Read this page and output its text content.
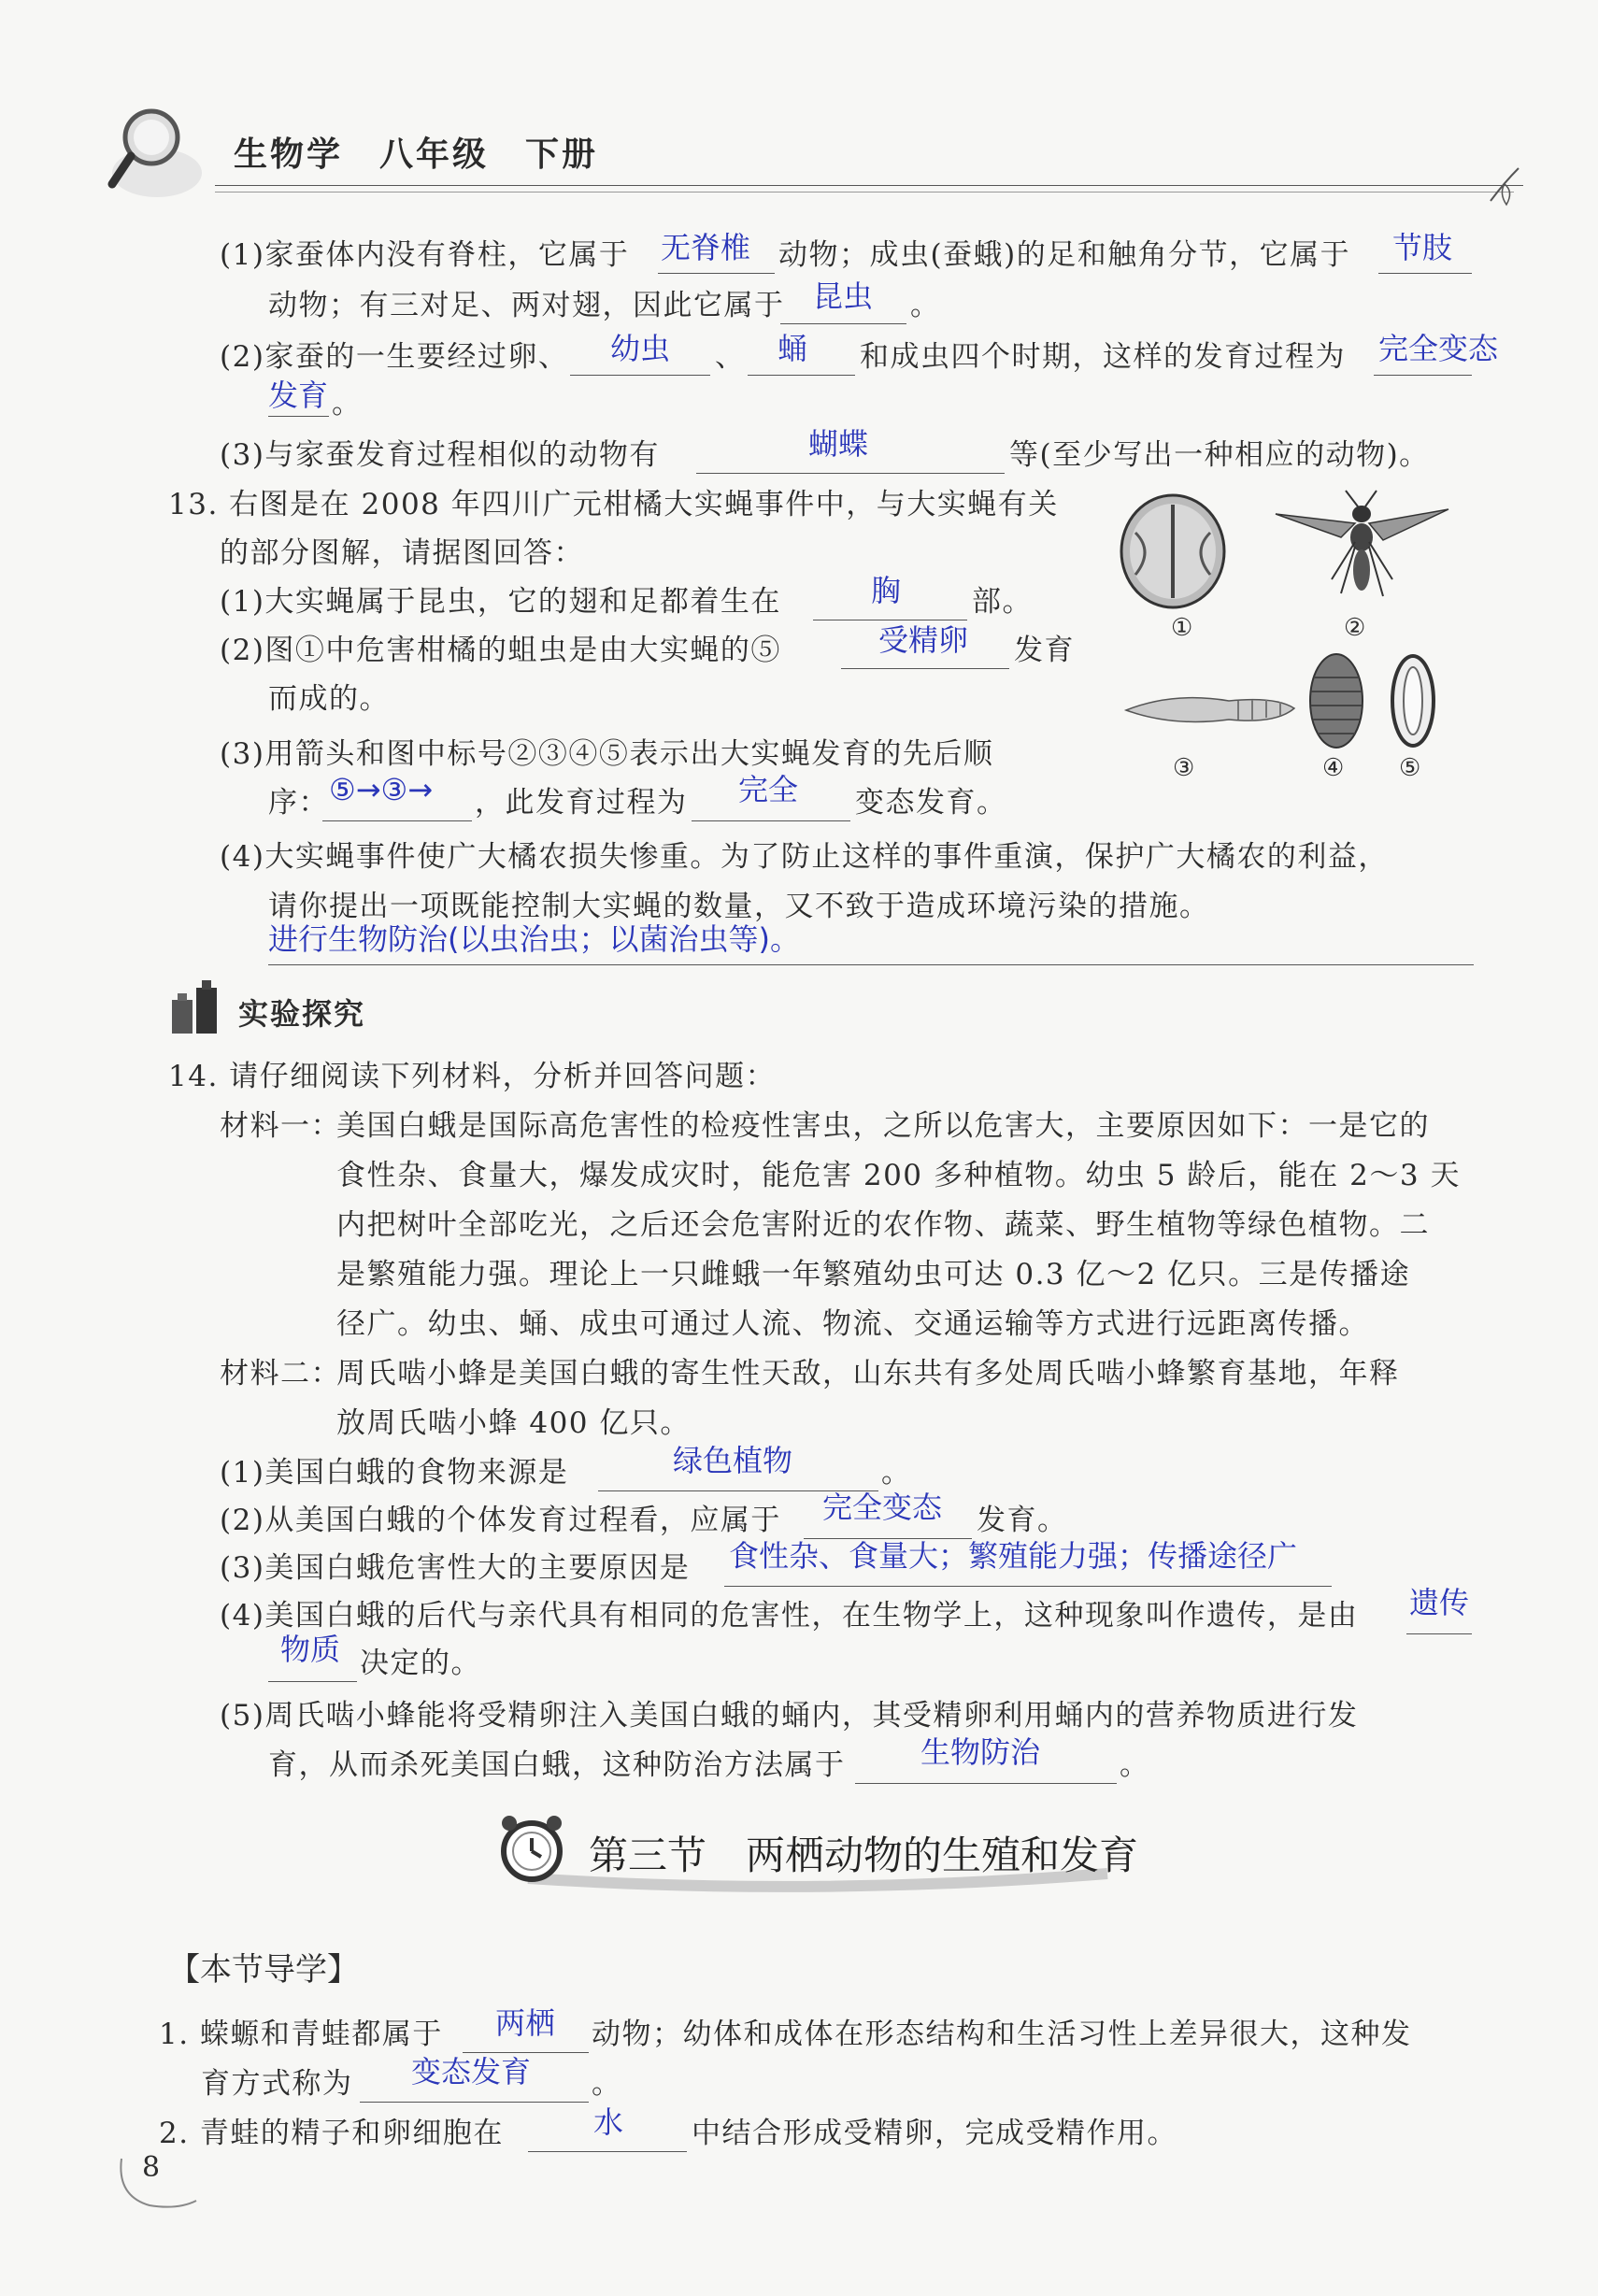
生物学　八年级　下册
(1)家蚕体内没有脊柱，它属于 无脊椎 动物；成虫(蚕蛾)的足和触角分节，它属于 节肢
动物；有三对足、两对翅，因此它属于 昆虫 。
(2)家蚕的一生要经过卵、 幼虫 、 蛹 和成虫四个时期，这样的发育过程为 完全变态
发育 。
(3)与家蚕发育过程相似的动物有	蝴蝶	等(至少写出一种相应的动物)。
13. 右图是在 2008 年四川广元柑橘大实蝇事件中，与大实蝇有关
的部分图解，请据图回答：
(1)大实蝇属于昆虫，它的翅和足都着生在	胸 部。
(2)图①中危害柑橘的蛆虫是由大实蝇的⑤	受精卵 发育
而成的。
(3)用箭头和图中标号②③④⑤表示出大实蝇发育的先后顺
序： ⑤→③→ ，此发育过程为 完全 变态发育。
(4)大实蝇事件使广大橘农损失惨重。为了防止这样的事件重演，保护广大橘农的利益，
请你提出一项既能控制大实蝇的数量，又不致于造成环境污染的措施。
进行生物防治(以虫治虫；以菌治虫等)。
①	②
③	④ ⑤
实验探究
14. 请仔细阅读下列材料，分析并回答问题：
材料一：
美国白蛾是国际高危害性的检疫性害虫，之所以危害大，主要原因如下：一是它的
食性杂、食量大，爆发成灾时，能危害 200 多种植物。幼虫 5 龄后，能在 2～3 天
内把树叶全部吃光，之后还会危害附近的农作物、蔬菜、野生植物等绿色植物。二
是繁殖能力强。理论上一只雌蛾一年繁殖幼虫可达 0.3 亿～2 亿只。三是传播途
径广。幼虫、蛹、成虫可通过人流、物流、交通运输等方式进行远距离传播。
材料二：
周氏啮小蜂是美国白蛾的寄生性天敌，山东共有多处周氏啮小蜂繁育基地，年释
放周氏啮小蜂 400 亿只。
(1)美国白蛾的食物来源是	绿色植物	。
(2)从美国白蛾的个体发育过程看，应属于 完全变态 发育。
(3)美国白蛾危害性大的主要原因是 食性杂、食量大；繁殖能力强；传播途径广
(4)美国白蛾的后代与亲代具有相同的危害性，在生物学上，这种现象叫作遗传，是由 遗传
物质 决定的。
(5)周氏啮小蜂能将受精卵注入美国白蛾的蛹内，其受精卵利用蛹内的营养物质进行发
育，从而杀死美国白蛾，这种防治方法属于	生物防治	。
第三节　两栖动物的生殖和发育
【本节导学】
1. 蝾螈和青蛙都属于 两栖 动物；幼体和成体在形态结构和生活习性上差异很大，这种发
育方式称为 变态发育 。
2. 青蛙的精子和卵细胞在	水 中结合形成受精卵，完成受精作用。
8
